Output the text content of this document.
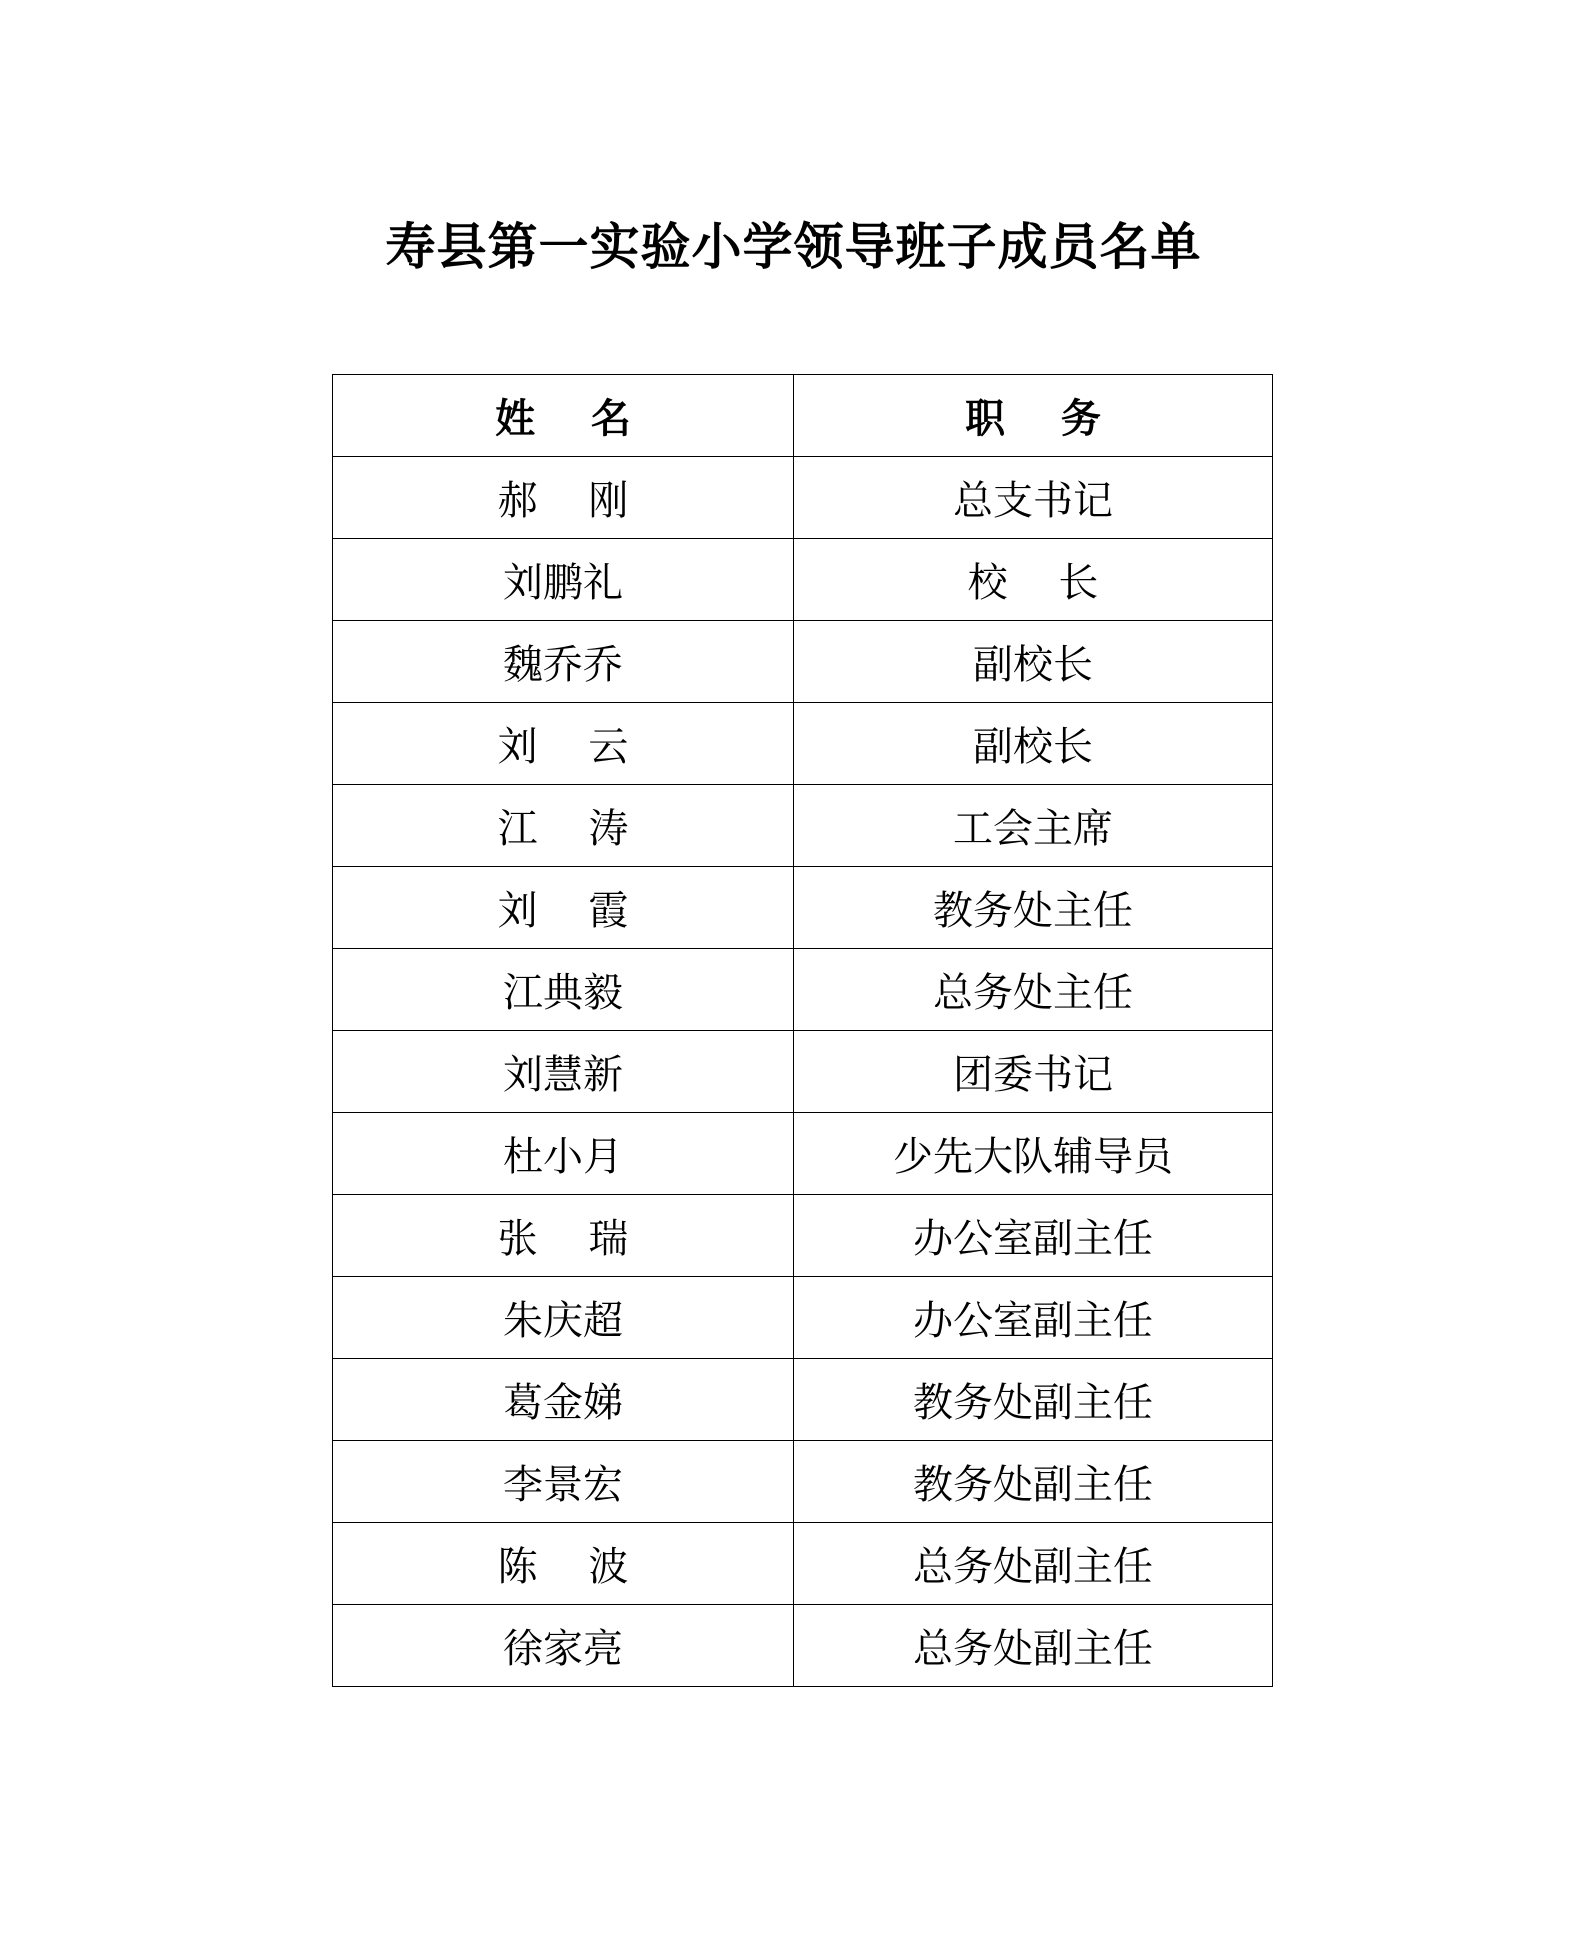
寿县第一实验小学领导班子成员名单
姓    名	职    务
郝    刚	总支书记
刘鹏礼	校    长
魏乔乔	副校长
刘    云	副校长
江    涛	工会主席
刘    霞	教务处主任
江典毅	总务处主任
刘慧新	团委书记
杜小月	少先大队辅导员
张    瑞	办公室副主任
朱庆超	办公室副主任
葛金娣	教务处副主任
李景宏	教务处副主任
陈    波	总务处副主任
徐家亮	总务处副主任
